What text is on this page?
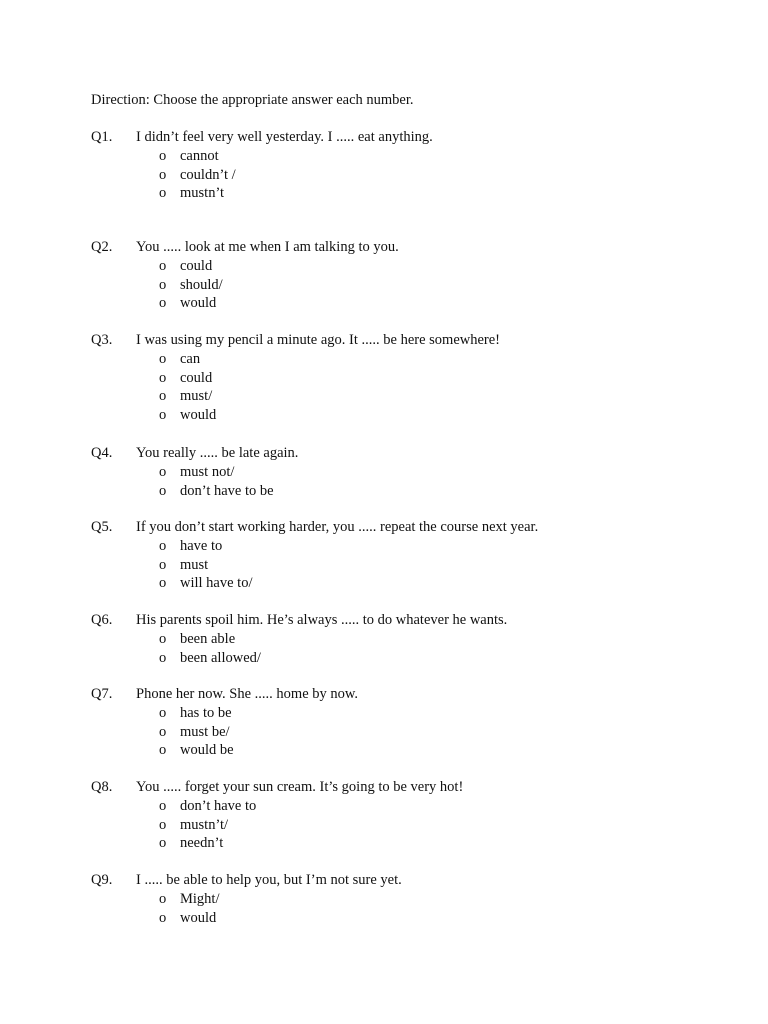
Direction: Choose the appropriate answer each number.
Q1. I didn’t feel very well yesterday. I ..... eat anything.
o cannot
o couldn’t /
o mustn’t
Q2. You ..... look at me when I am talking to you.
o could
o should/
o would
Q3. I was using my pencil a minute ago. It ..... be here somewhere!
o can
o could
o must/
o would
Q4. You really ..... be late again.
o must not/
o don’t have to be
Q5. If you don’t start working harder, you ..... repeat the course next year.
o have to
o must
o will have to/
Q6. His parents spoil him. He’s always ..... to do whatever he wants.
o been able
o been allowed/
Q7. Phone her now. She ..... home by now.
o has to be
o must be/
o would be
Q8. You ..... forget your sun cream. It’s going to be very hot!
o don’t have to
o mustn’t/
o needn’t
Q9. I ..... be able to help you, but I’m not sure yet.
o Might/
o would
